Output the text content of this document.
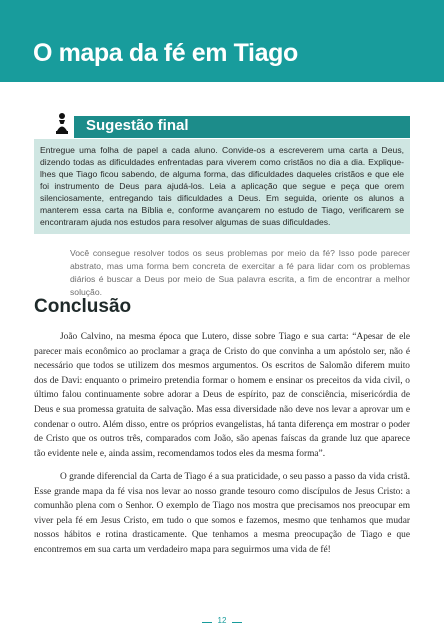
O mapa da fé em Tiago
Sugestão final

Entregue uma folha de papel a cada aluno. Convide-os a escreverem uma carta a Deus, dizendo todas as dificuldades enfrentadas para viverem como cristãos no dia a dia. Explique-lhes que Tiago ficou sabendo, de alguma forma, das dificuldades daqueles cristãos e que ele foi instrumento de Deus para ajudá-los. Leia a aplicação que segue e peça que orem silenciosamente, entregando tais dificuldades a Deus. Em seguida, oriente os alunos a manterem essa carta na Bíblia e, conforme avançarem no estudo de Tiago, verificarem se encontraram ajuda nos estudos para resolver algumas de suas dificuldades.

Você consegue resolver todos os seus problemas por meio da fé? Isso pode parecer abstrato, mas uma forma bem concreta de exercitar a fé para lidar com os problemas diários é buscar a Deus por meio de Sua palavra escrita, a fim de encontrar a melhor solução.

Conclusão

João Calvino, na mesma época que Lutero, disse sobre Tiago e sua carta: “Apesar de ele parecer mais econômico ao proclamar a graça de Cristo do que convinha a um apóstolo ser, não é necessário que todos se utilizem dos mesmos argumentos. Os escritos de Salomão diferem muito dos de Davi: enquanto o primeiro pretendia formar o homem e ensinar os preceitos da vida civil, o último falou continuamente sobre adorar a Deus de espírito, paz de consciência, misericórdia de Deus e sua promessa gratuita de salvação. Mas essa diversidade não deve nos levar a aprovar um e condenar o outro. Além disso, entre os próprios evangelistas, há tanta diferença em mostrar o poder de Cristo que os outros três, comparados com João, são apenas faíscas da grande luz que aparece tão evidente nele e, ainda assim, recomendamos todos eles da mesma forma”.

O grande diferencial da Carta de Tiago é a sua praticidade, o seu passo a passo da vida cristã. Esse grande mapa da fé visa nos levar ao nosso grande tesouro como discípulos de Jesus Cristo: a comunhão plena com o Senhor. O exemplo de Tiago nos mostra que precisamos nos preocupar em viver pela fé em Jesus Cristo, em tudo o que somos e fazemos, mesmo que tenhamos que mudar nossos hábitos e rotina drasticamente. Que tenhamos a mesma preocupação de Tiago e que encontremos em sua carta um verdadeiro mapa para seguirmos uma vida de fé!

12
